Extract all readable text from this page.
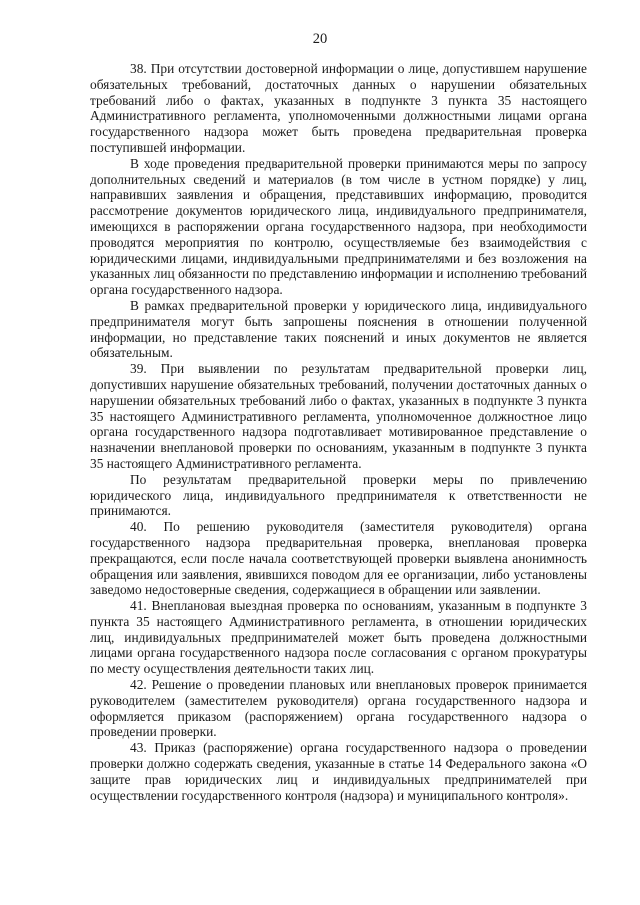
20

38. При отсутствии достоверной информации о лице, допустившем нарушение обязательных требований, достаточных данных о нарушении обязательных требований либо о фактах, указанных в подпункте 3 пункта 35 настоящего Административного регламента, уполномоченными должностными лицами органа государственного надзора может быть проведена предварительная проверка поступившей информации.

В ходе проведения предварительной проверки принимаются меры по запросу дополнительных сведений и материалов (в том числе в устном порядке) у лиц, направивших заявления и обращения, представивших информацию, проводится рассмотрение документов юридического лица, индивидуального предпринимателя, имеющихся в распоряжении органа государственного надзора, при необходимости проводятся мероприятия по контролю, осуществляемые без взаимодействия с юридическими лицами, индивидуальными предпринимателями и без возложения на указанных лиц обязанности по представлению информации и исполнению требований органа государственного надзора.

В рамках предварительной проверки у юридического лица, индивидуального предпринимателя могут быть запрошены пояснения в отношении полученной информации, но представление таких пояснений и иных документов не является обязательным.

39. При выявлении по результатам предварительной проверки лиц, допустивших нарушение обязательных требований, получении достаточных данных о нарушении обязательных требований либо о фактах, указанных в подпункте 3 пункта 35 настоящего Административного регламента, уполномоченное должностное лицо органа государственного надзора подготавливает мотивированное представление о назначении внеплановой проверки по основаниям, указанным в подпункте 3 пункта 35 настоящего Административного регламента.

По результатам предварительной проверки меры по привлечению юридического лица, индивидуального предпринимателя к ответственности не принимаются.

40. По решению руководителя (заместителя руководителя) органа государственного надзора предварительная проверка, внеплановая проверка прекращаются, если после начала соответствующей проверки выявлена анонимность обращения или заявления, явившихся поводом для ее организации, либо установлены заведомо недостоверные сведения, содержащиеся в обращении или заявлении.

41. Внеплановая выездная проверка по основаниям, указанным в подпункте 3 пункта 35 настоящего Административного регламента, в отношении юридических лиц, индивидуальных предпринимателей может быть проведена должностными лицами органа государственного надзора после согласования с органом прокуратуры по месту осуществления деятельности таких лиц.

42. Решение о проведении плановых или внеплановых проверок принимается руководителем (заместителем руководителя) органа государственного надзора и оформляется приказом (распоряжением) органа государственного надзора о проведении проверки.

43. Приказ (распоряжение) органа государственного надзора о проведении проверки должно содержать сведения, указанные в статье 14 Федерального закона «О защите прав юридических лиц и индивидуальных предпринимателей при осуществлении государственного контроля (надзора) и муниципального контроля».
